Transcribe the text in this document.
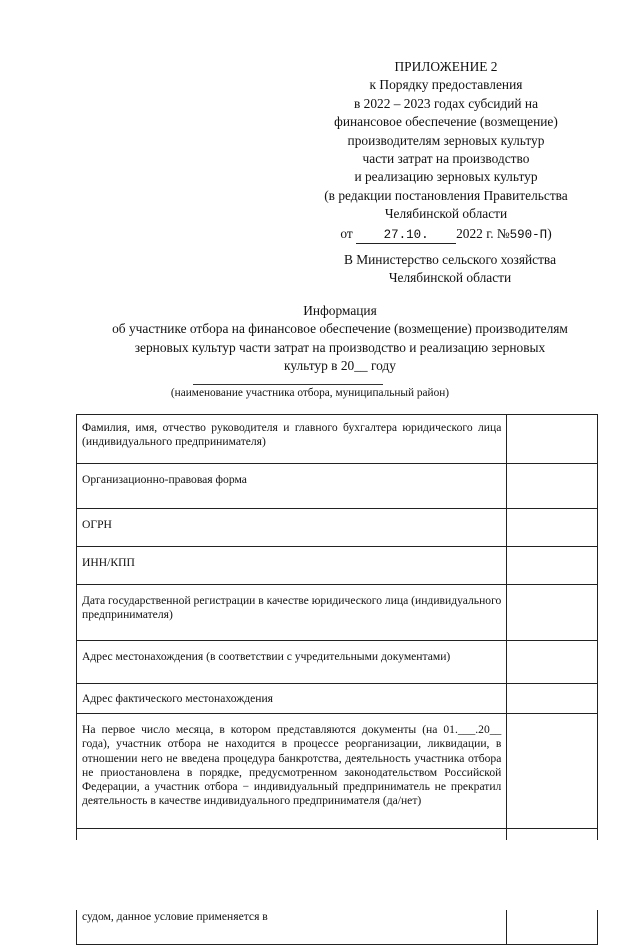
ПРИЛОЖЕНИЕ 2
к Порядку предоставления
в 2022 – 2023 годах субсидий на
финансовое обеспечение (возмещение)
производителям зерновых культур
части затрат на производство
и реализацию зерновых культур
(в редакции постановления Правительства
Челябинской области
от 27.10. 2022 г. №590-П)
В Министерство сельского хозяйства
Челябинской области
Информация
об участнике отбора на финансовое обеспечение (возмещение) производителям
зерновых культур части затрат на производство и реализацию зерновых
культур в 20__ году
(наименование участника отбора, муниципальный район)
Фамилия, имя, отчество руководителя и главного бухгалтера юридического лица (индивидуального предпринимателя)	
Организационно-правовая форма	
ОГРН	
ИНН/КПП	
Дата государственной регистрации в качестве юридического лица (индивидуального предпринимателя)	
Адрес местонахождения (в соответствии с учредительными документами)	
Адрес фактического местонахождения	
На первое число месяца, в котором представляются документы (на 01.___.20__ года), участник отбора не находится в процессе реорганизации, ликвидации, в отношении него не введена процедура банкротства, деятельность участника отбора не приостановлена в порядке, предусмотренном законодательством Российской Федерации, а участник отбора − индивидуальный предприниматель не прекратил деятельность в качестве индивидуального предпринимателя (да/нет)	
судом, данное условие применяется в	
